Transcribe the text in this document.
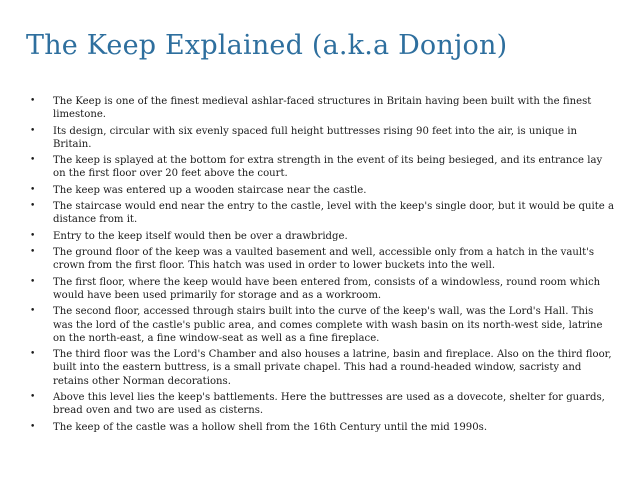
The Keep Explained (a.k.a Donjon)
• The Keep is one of the finest medieval ashlar-faced structures in Britain having been built with the finest limestone.
• Its design, circular with six evenly spaced full height buttresses rising 90 feet into the air, is unique in Britain.
• The keep is splayed at the bottom for extra strength in the event of its being besieged, and its entrance lay on the first floor over 20 feet above the court.
• The keep was entered up a wooden staircase near the castle.
• The staircase would end near the entry to the castle, level with the keep's single door, but it would be quite a distance from it.
• Entry to the keep itself would then be over a drawbridge.
• The ground floor of the keep was a vaulted basement and well, accessible only from a hatch in the vault's crown from the first floor. This hatch was used in order to lower buckets into the well.
• The first floor, where the keep would have been entered from, consists of a windowless, round room which would have been used primarily for storage and as a workroom.
• The second floor, accessed through stairs built into the curve of the keep's wall, was the Lord's Hall. This was the lord of the castle's public area, and comes complete with wash basin on its north-west side, latrine on the north-east, a fine window-seat as well as a fine fireplace.
• The third floor was the Lord's Chamber and also houses a latrine, basin and fireplace. Also on the third floor, built into the eastern buttress, is a small private chapel. This had a round-headed window, sacristy and retains other Norman decorations.
• Above this level lies the keep's battlements. Here the buttresses are used as a dovecote, shelter for guards, bread oven and two are used as cisterns.
• The keep of the castle was a hollow shell from the 16th Century until the mid 1990s.
